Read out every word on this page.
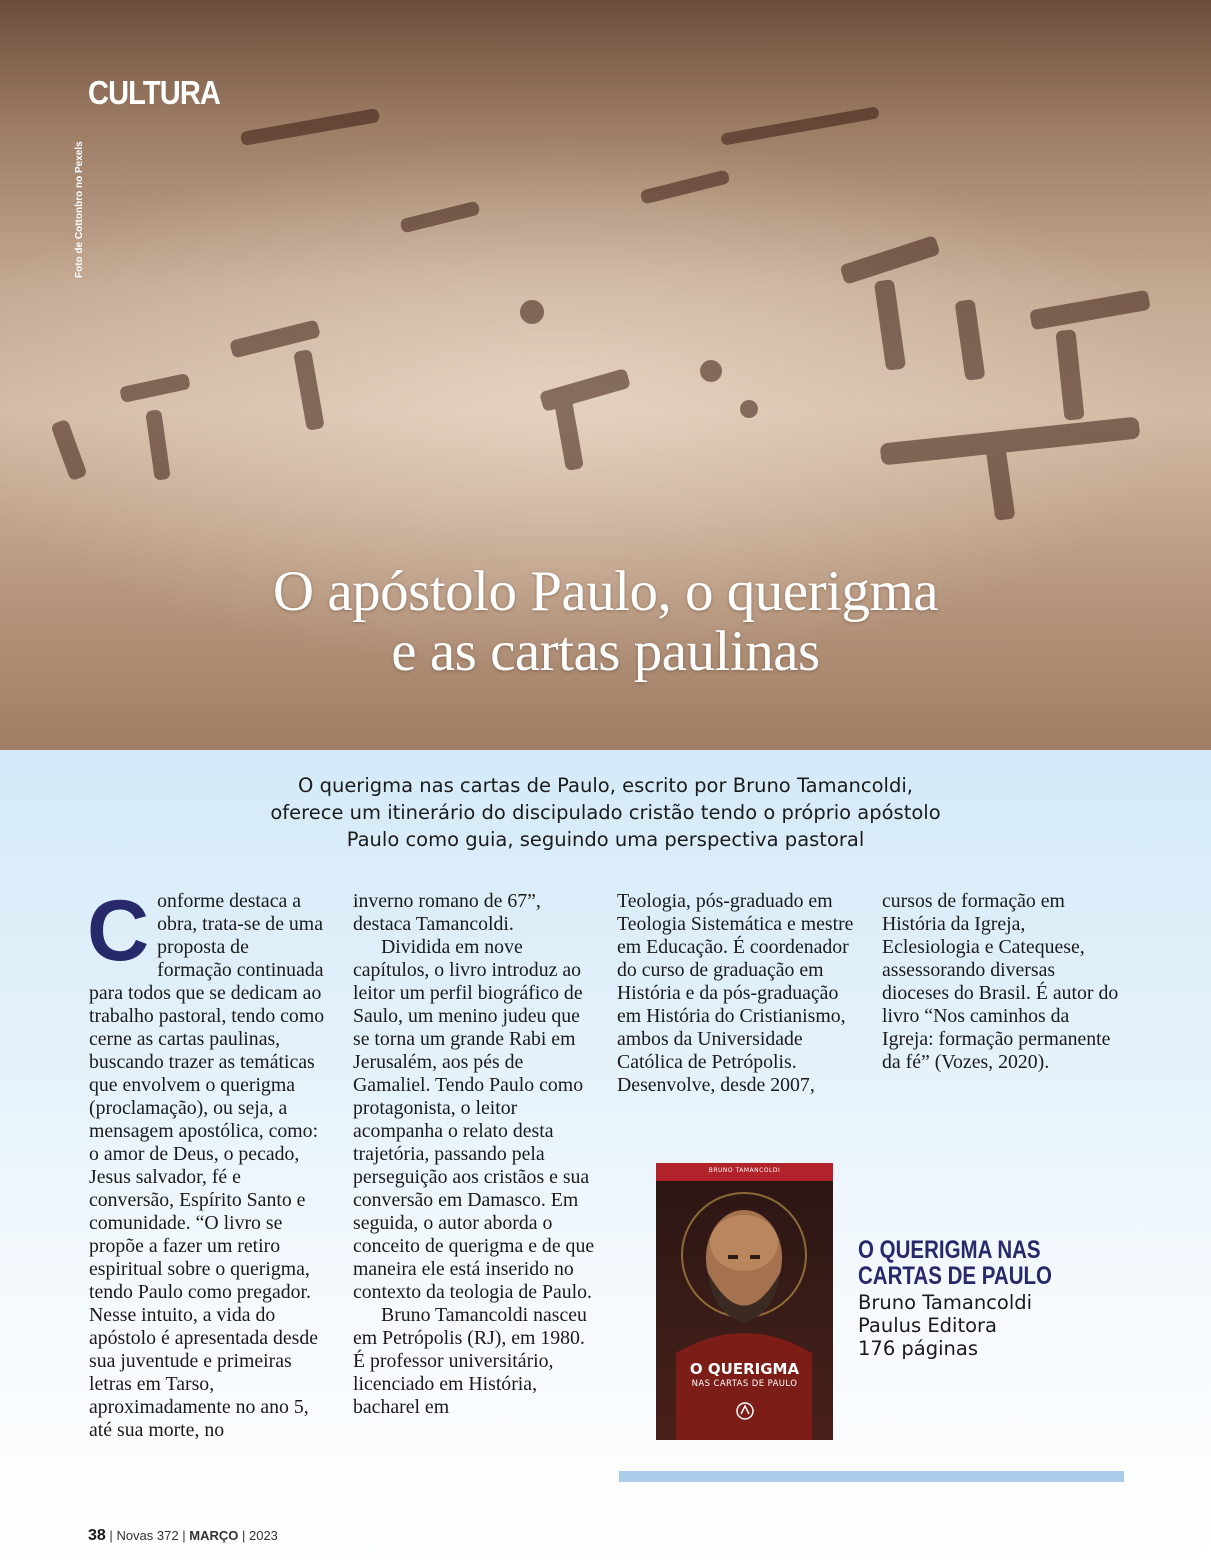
CULTURA
Foto de Cottonbro no Pexels
O apóstolo Paulo, o querigma
e as cartas paulinas
O querigma nas cartas de Paulo, escrito por Bruno Tamancoldi,
oferece um itinerário do discipulado cristão tendo o próprio apóstolo
Paulo como guia, seguindo uma perspectiva pastoral
C onforme destaca a obra, trata-se de uma proposta de formação continuada para todos que se dedicam ao trabalho pastoral, tendo como cerne as cartas paulinas, buscando trazer as temáticas que envolvem o querigma (proclamação), ou seja, a mensagem apostólica, como: o amor de Deus, o pecado, Jesus salvador, fé e conversão, Espírito Santo e comunidade. “O livro se propõe a fazer um retiro espiritual sobre o querigma, tendo Paulo como pregador. Nesse intuito, a vida do apóstolo é apresentada desde sua juventude e primeiras letras em Tarso, aproximadamente no ano 5, até sua morte, no

inverno romano de 67”, destaca Tamancoldi.

Dividida em nove capítulos, o livro introduz ao leitor um perfil biográfico de Saulo, um menino judeu que se torna um grande Rabi em Jerusalém, aos pés de Gamaliel. Tendo Paulo como protagonista, o leitor acompanha o relato desta trajetória, passando pela perseguição aos cristãos e sua conversão em Damasco. Em seguida, o autor aborda o conceito de querigma e de que maneira ele está inserido no contexto da teologia de Paulo.

Bruno Tamancoldi nasceu em Petrópolis (RJ), em 1980. É professor universitário, licenciado em História, bacharel em

Teologia, pós-graduado em Teologia Sistemática e mestre em Educação. É coordenador do curso de graduação em História e da pós-graduação em História do Cristianismo, ambos da Universidade Católica de Petrópolis. Desenvolve, desde 2007,

cursos de formação em História da Igreja, Eclesiologia e Catequese, assessorando diversas dioceses do Brasil. É autor do livro “Nos caminhos da Igreja: formação permanente da fé” (Vozes, 2020).

BRUNO TAMANCOLDI
O QUERIGMA
NAS CARTAS DE PAULO
O QUERIGMA NAS
CARTAS DE PAULO
Bruno Tamancoldi
Paulus Editora
176 páginas
38 | Novas 372 | MARÇO | 2023
